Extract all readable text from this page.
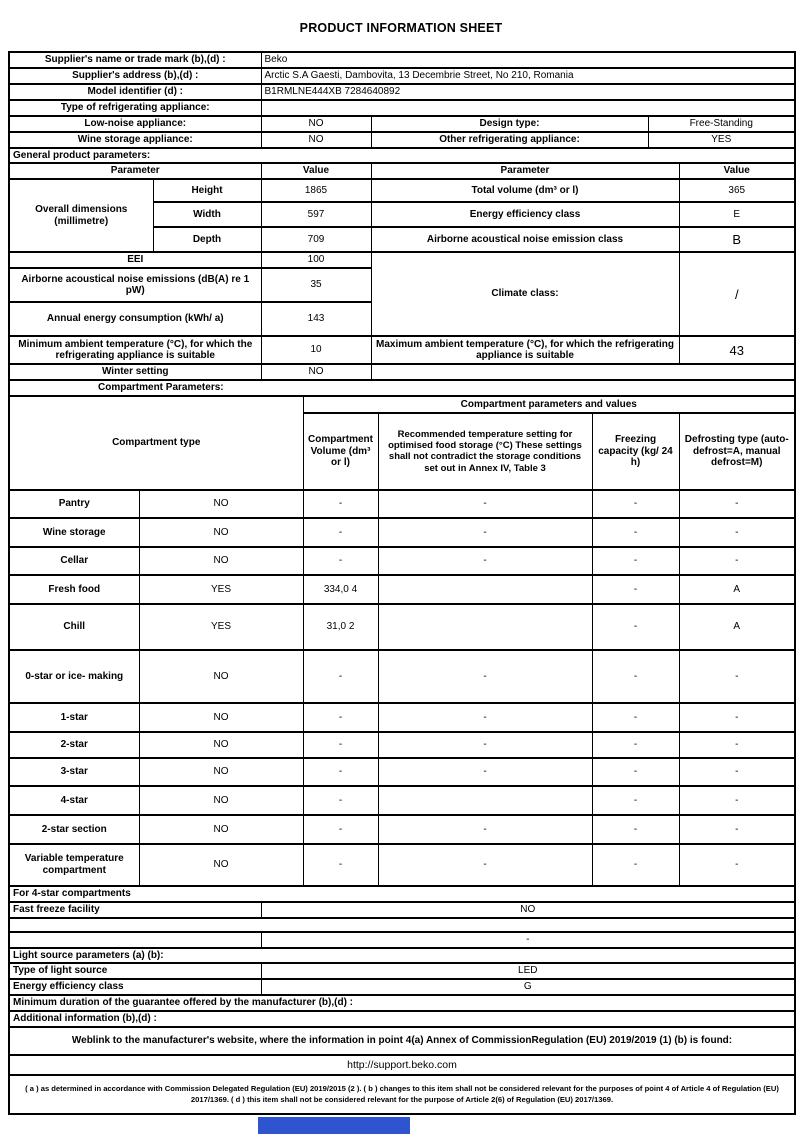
PRODUCT INFORMATION SHEET
Supplier's name or trade mark (b),(d) :			Beko						
Supplier's address (b),(d) :			Arctic S.A Gaesti, Dambovita, 13 Decembrie Street, No 210, Romania						
Model identifier (d) :			B1RMLNE444XB 7284640892						
Type of refrigerating appliance:									
Low-noise appliance:			NO		Design type:			Free-Standing	
Wine storage appliance:			NO		Other refrigerating appliance:			YES	
General product parameters:									
Parameter			Value		Parameter				Value
Overall dimensions (millimetre)		Height	1865		Total volume (dm³ or l)				365
		Width	597		Energy efficiency class				E
		Depth	709		Airborne acoustical noise emission class				B
EEI			100		Climate class:				/
Airborne acoustical noise emissions (dB(A) re 1 pW)			35						
Annual energy consumption (kWh/ a)			143						
Minimum ambient temperature (°C), for which the refrigerating appliance is suitable			10		Maximum ambient temperature (°C), for which the refrigerating appliance is suitable				43
Winter setting			NO						
Compartment Parameters:									
Compartment type				Compartment parameters and values					
				Compartment Volume (dm³ or l)		Recommended temperature setting for optimised food storage (°C) These settings shall not contradict the storage conditions set out in Annex IV, Table 3	Freezing capacity (kg/ 24 h)		Defrosting type (auto-defrost=A, manual defrost=M)
Pantry	NO			-		-	-		-
Wine storage	NO			-		-	-		-
Cellar	NO			-		-	-		-
Fresh food	YES			334,0 4			-		A
Chill	YES			31,0 2			-		A
0-star or ice- making	NO			-		-	-		-
1-star	NO			-		-	-		-
2-star	NO			-		-	-		-
3-star	NO			-		-	-		-
4-star	NO			-			-		-
2-star section	NO			-		-	-		-
Variable temperature compartment	NO			-		-	-		-
For 4-star compartments									
Fast freeze facility			NO						

			-						
Light source parameters (a) (b):									
Type of light source			LED						
Energy efficiency class			G						
Minimum duration of the guarantee offered by the manufacturer (b),(d) :									
Additional information (b),(d) :									
Weblink to the manufacturer's website, where the information in point 4(a) Annex of CommissionRegulation (EU) 2019/2019 (1) (b) is found:									
http://support.beko.com									
( a ) as determined in accordance with Commission Delegated Regulation (EU) 2019/2015 (2 ). ( b ) changes to this item shall not be considered relevant for the purposes of point 4 of Article 4 of Regulation (EU) 2017/1369. ( d ) this item shall not be considered relevant for the purpose of Article 2(6) of Regulation (EU) 2017/1369.									
